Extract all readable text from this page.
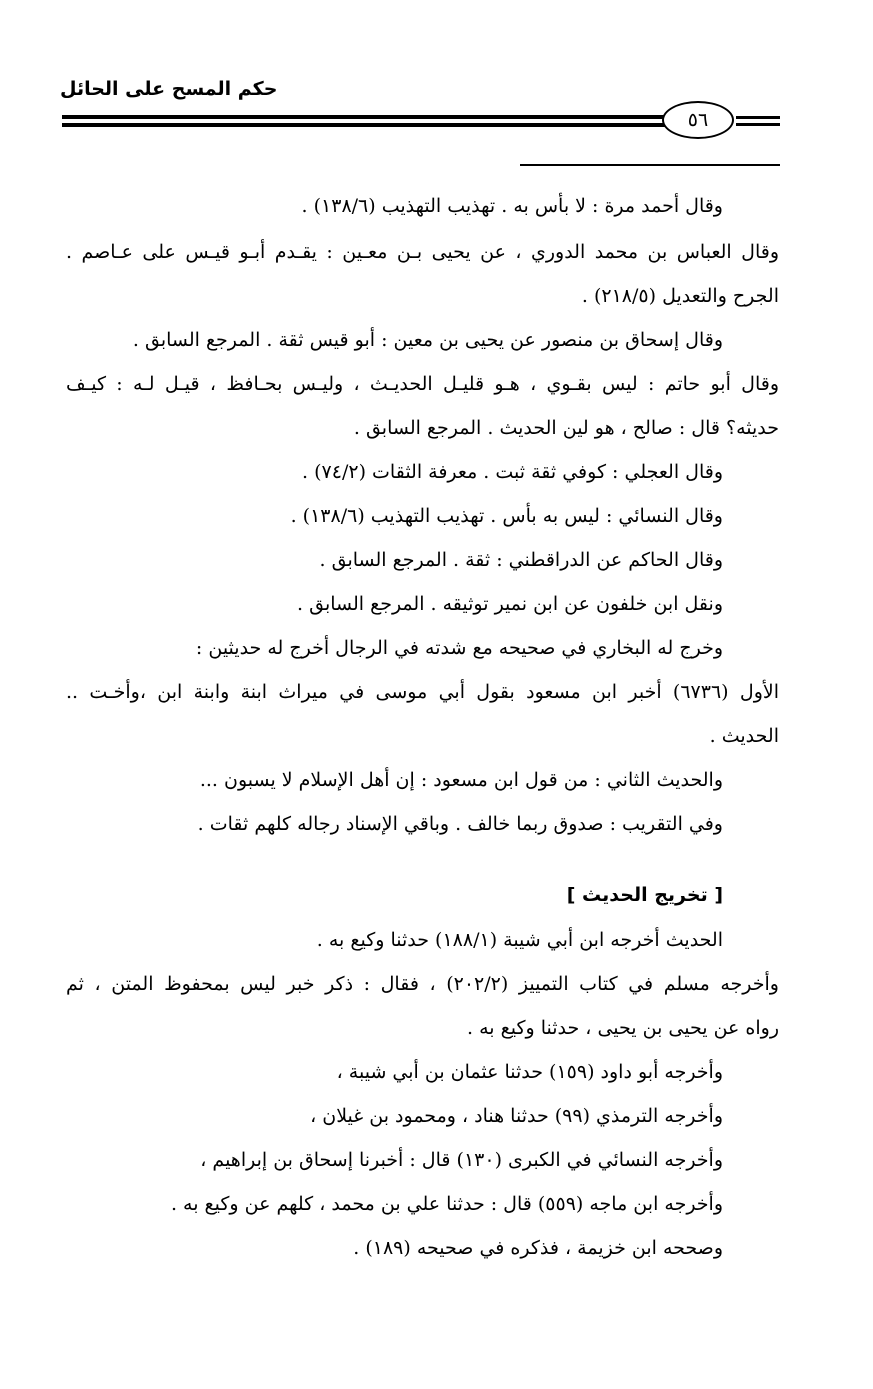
حكم المسح على الحائل
٥٦
وقال أحمد مرة : لا بأس به . تهذيب التهذيب (١٣٨/٦) .
وقال العباس بن محمد الدوري ، عن يحيى بـن معـين : يقـدم أبـو قيـس على عـاصم .
الجرح والتعديل (٢١٨/٥) .
وقال إسحاق بن منصور عن يحيى بن معين : أبو قيس ثقة . المرجع السابق .
وقال أبو حاتم : ليس بقـوي ، هـو قليـل الحديـث ، وليـس بحـافظ ، قيـل لـه : كيـف
حديثه؟ قال : صالح ، هو لين الحديث . المرجع السابق .
وقال العجلي : كوفي ثقة ثبت . معرفة الثقات (٧٤/٢) .
وقال النسائي : ليس به بأس . تهذيب التهذيب (١٣٨/٦) .
وقال الحاكم عن الدراقطني : ثقة . المرجع السابق .
ونقل ابن خلفون عن ابن نمير توثيقه . المرجع السابق .
وخرج له البخاري في صحيحه مع شدته في الرجال أخرج له حديثين :
الأول (٦٧٣٦) أخبر ابن مسعود بقول أبي موسى في ميراث ابنة وابنة ابن ،وأخـت ..
الحديث .
والحديث الثاني : من قول ابن مسعود : إن أهل الإسلام لا يسبون ...
وفي التقريب : صدوق ربما خالف . وباقي الإسناد رجاله كلهم ثقات .
[ تخريج الحديث ]
الحديث أخرجه ابن أبي شيبة (١٨٨/١) حدثنا وكيع به .
وأخرجه مسلم في كتاب التمييز (٢٠٢/٢) ، فقال : ذكر خبر ليس بمحفوظ المتن ، ثم
رواه عن يحيى بن يحيى ، حدثنا وكيع به .
وأخرجه أبو داود (١٥٩) حدثنا عثمان بن أبي شيبة ،
وأخرجه الترمذي (٩٩) حدثنا هناد ، ومحمود بن غيلان ،
وأخرجه النسائي في الكبرى (١٣٠) قال : أخبرنا إسحاق بن إبراهيم ،
وأخرجه ابن ماجه (٥٥٩) قال : حدثنا علي بن محمد ، كلهم عن وكيع به .
وصححه ابن خزيمة ، فذكره في صحيحه (١٨٩) .
